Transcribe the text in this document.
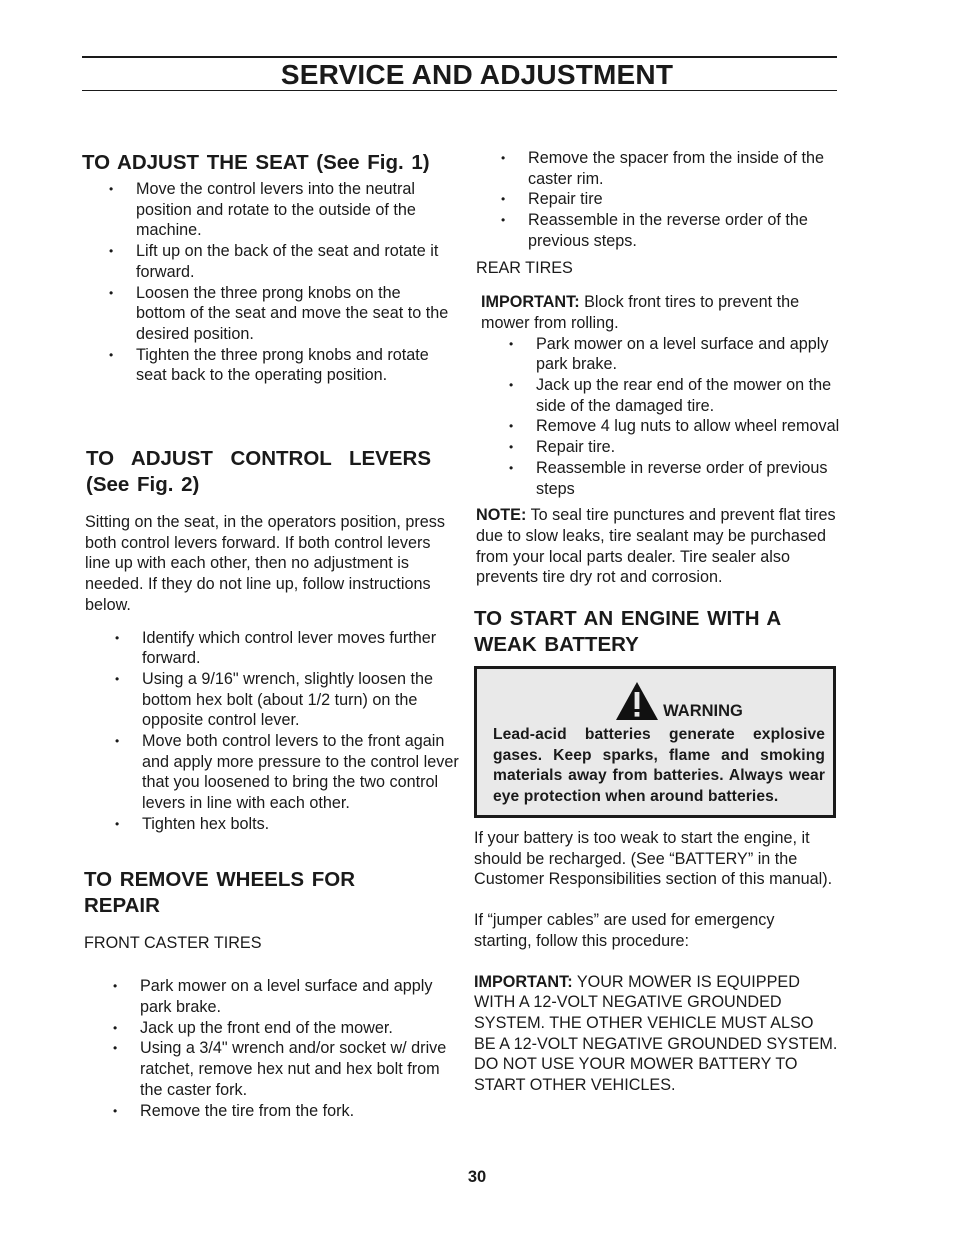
SERVICE AND ADJUSTMENT
TO ADJUST THE SEAT (See Fig. 1)
• Move the control levers into the neutral position and rotate to the outside of the machine.
• Lift up on the back of the seat and rotate it forward.
• Loosen the three prong knobs on the bottom of the seat and move the seat to the desired position.
• Tighten the three prong knobs and rotate seat back to the operating position.
TO ADJUST CONTROL LEVERS (See Fig. 2)

Sitting on the seat, in the operators position, press both control levers forward. If both control levers line up with each other, then no adjustment is needed. If they do not line up, follow instructions below.

• Identify which control lever moves further forward.
• Using a 9/16" wrench, slightly loosen the bottom hex bolt (about 1/2 turn) on the opposite control lever.
• Move both control levers to the front again and apply more pressure to the control lever that you loosened to bring the two control levers in line with each other.
• Tighten hex bolts.
TO REMOVE WHEELS FOR REPAIR

FRONT CASTER TIRES

• Park mower on a level surface and apply park brake.
• Jack up the front end of the mower.
• Using a 3/4" wrench and/or socket w/ drive ratchet, remove hex nut and hex bolt from the caster fork.
• Remove the tire from the fork.
• Remove the spacer from the inside of the caster rim.
• Repair tire
• Reassemble in the reverse order of the previous steps.

REAR TIRES

IMPORTANT: Block front tires to prevent the mower from rolling.

• Park mower on a level surface and apply park brake.
• Jack up the rear end of the mower on the side of the damaged tire.
• Remove 4 lug nuts to allow wheel removal
• Repair tire.
• Reassemble in reverse order of previous steps

NOTE: To seal tire punctures and prevent flat tires due to slow leaks, tire sealant may be purchased from your local parts dealer. Tire sealer also prevents tire dry rot and corrosion.

TO START AN ENGINE WITH A WEAK BATTERY
WARNING

Lead-acid batteries generate explosive gases. Keep sparks, flame and smoking materials away from batteries. Always wear eye protection when around batteries.

If your battery is too weak to start the engine, it should be recharged. (See “BATTERY” in the Customer Responsibilities section of this manual).

If “jumper cables” are used for emergency starting, follow this procedure:

IMPORTANT: YOUR MOWER IS EQUIPPED WITH A 12-VOLT NEGATIVE GROUNDED SYSTEM. THE OTHER VEHICLE MUST ALSO BE A 12-VOLT NEGATIVE GROUNDED SYSTEM. DO NOT USE YOUR MOWER BATTERY TO START OTHER VEHICLES.

30
